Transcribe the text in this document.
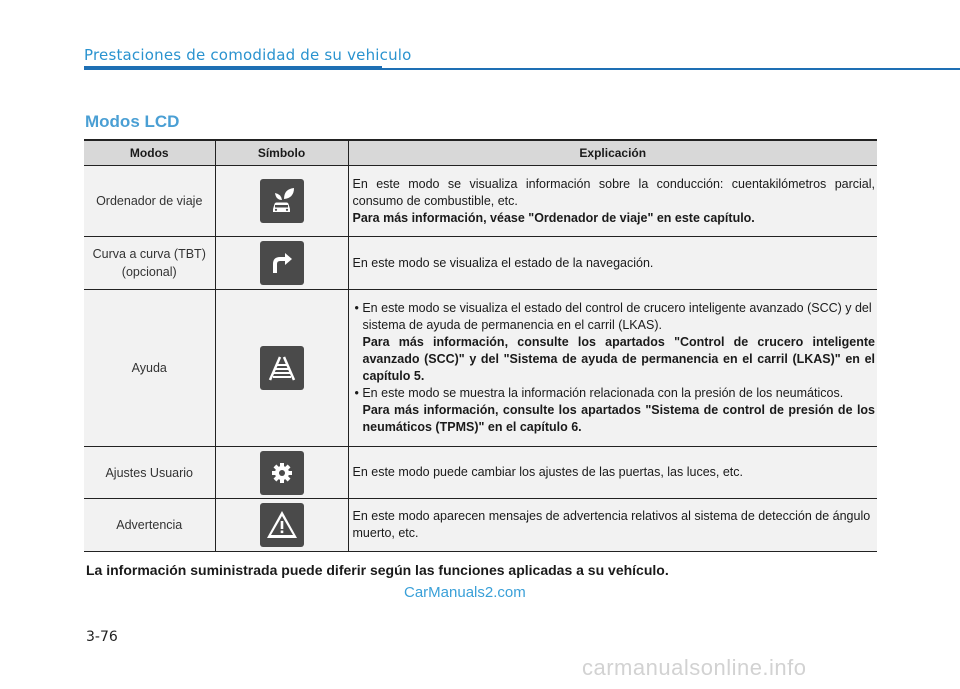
Prestaciones de comodidad de su vehiculo
Modos LCD
Modos	Símbolo	Explicación
Ordenador de viaje		En este modo se visualiza información sobre la conducción: cuentakilómetros parcial, consumo de combustible, etc.
Para más información, véase "Ordenador de viaje" en este capítulo.

Curva a curva (TBT)
(opcional)		En este modo se visualiza el estado de la navegación.

Ayuda		• En este modo se visualiza el estado del control de crucero inteligente avanzado (SCC) y del sistema de ayuda de permanencia en el carril (LKAS).
Para más información, consulte los apartados "Control de crucero inteligente avanzado (SCC)" y del "Sistema de ayuda de permanencia en el carril (LKAS)" en el capítulo 5.
• En este modo se muestra la información relacionada con la presión de los neumáticos.
Para más información, consulte los apartados "Sistema de control de presión de los neumáticos (TPMS)" en el capítulo 6.

Ajustes Usuario		En este modo puede cambiar los ajustes de las puertas, las luces, etc.

Advertencia		En este modo aparecen mensajes de advertencia relativos al sistema de detección de ángulo muerto, etc.
La información suministrada puede diferir según las funciones aplicadas a su vehículo.
CarManuals2.com
3-76
carmanualsonline.info
